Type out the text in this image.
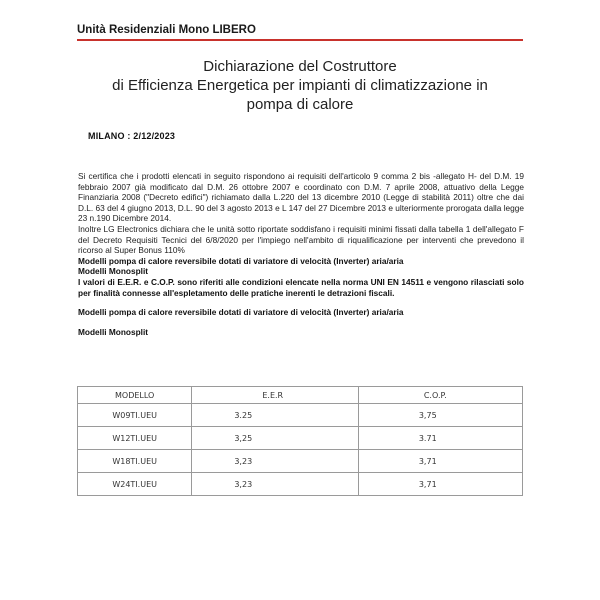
Unità Residenziali Mono LIBERO
Dichiarazione del Costruttore
di Efficienza Energetica per impianti di climatizzazione in
pompa di calore
MILANO : 2/12/2023

Si certifica che i prodotti elencati in seguito rispondono ai requisiti dell'articolo 9 comma 2 bis -allegato H- del D.M. 19 febbraio 2007 già modificato dal D.M. 26 ottobre 2007 e coordinato con D.M. 7 aprile 2008, attuativo della Legge Finanziaria 2008 ("Decreto edifici") richiamato dalla L.220 del 13 dicembre 2010 (Legge di stabilità 2011) oltre che dai D.L. 63 del 4 giugno 2013, D.L. 90 del 3 agosto 2013 e L 147 del 27 Dicembre 2013 e ulteriormente prorogata dalla legge 23 n.190 Dicembre 2014.

Inoltre LG Electronics dichiara che le unità sotto riportate soddisfano i requisiti minimi fissati dalla tabella 1 dell'allegato F del Decreto Requisiti Tecnici del 6/8/2020 per l'impiego nell'ambito di riqualificazione per interventi che prevedono il ricorso al Super Bonus 110%

Modelli pompa di calore reversibile dotati di variatore di velocità (Inverter) aria/aria

Modelli Monosplit

I valori di E.E.R. e C.O.P. sono riferiti alle condizioni elencate nella norma UNI EN 14511 e vengono rilasciati solo per finalità connesse all'espletamento delle pratiche inerenti le detrazioni fiscali.

Modelli pompa di calore reversibile dotati di variatore di velocità (Inverter) aria/aria

Modelli Monosplit

MODELLO	E.E.R	C.O.P.
W09TI.UEU	3.25	3,75
W12TI.UEU	3,25	3.71
W18TI.UEU	3,23	3,71
W24TI.UEU	3,23	3,71
